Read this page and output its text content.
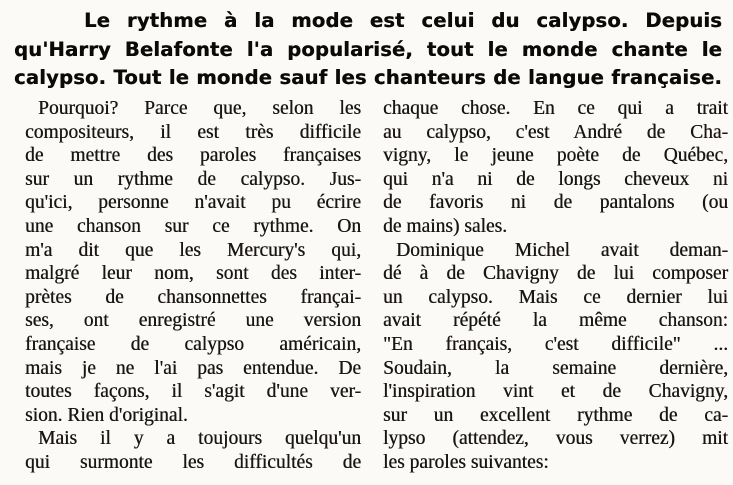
Le rythme à la mode est celui du calypso. Depuis
qu'Harry Belafonte l'a popularisé, tout le monde chante le
calypso. Tout le monde sauf les chanteurs de langue française.
Pourquoi? Parce que, selon les
compositeurs, il est très difficile
de mettre des paroles françaises
sur un rythme de calypso. Jus-
qu'ici, personne n'avait pu écrire
une chanson sur ce rythme. On
m'a dit que les Mercury's qui,
malgré leur nom, sont des inter-
prètes de chansonnettes françai-
ses, ont enregistré une version
française de calypso américain,
mais je ne l'ai pas entendue. De
toutes façons, il s'agit d'une ver-
sion. Rien d'original.
Mais il y a toujours quelqu'un
qui surmonte les difficultés de
chaque chose. En ce qui a trait
au calypso, c'est André de Cha-
vigny, le jeune poète de Québec,
qui n'a ni de longs cheveux ni
de favoris ni de pantalons (ou
de mains) sales.
Dominique Michel avait deman-
dé à de Chavigny de lui composer
un calypso. Mais ce dernier lui
avait répété la même chanson:
"En français, c'est difficile" ...
Soudain, la semaine dernière,
l'inspiration vint et de Chavigny,
sur un excellent rythme de ca-
lypso (attendez, vous verrez) mit
les paroles suivantes:
